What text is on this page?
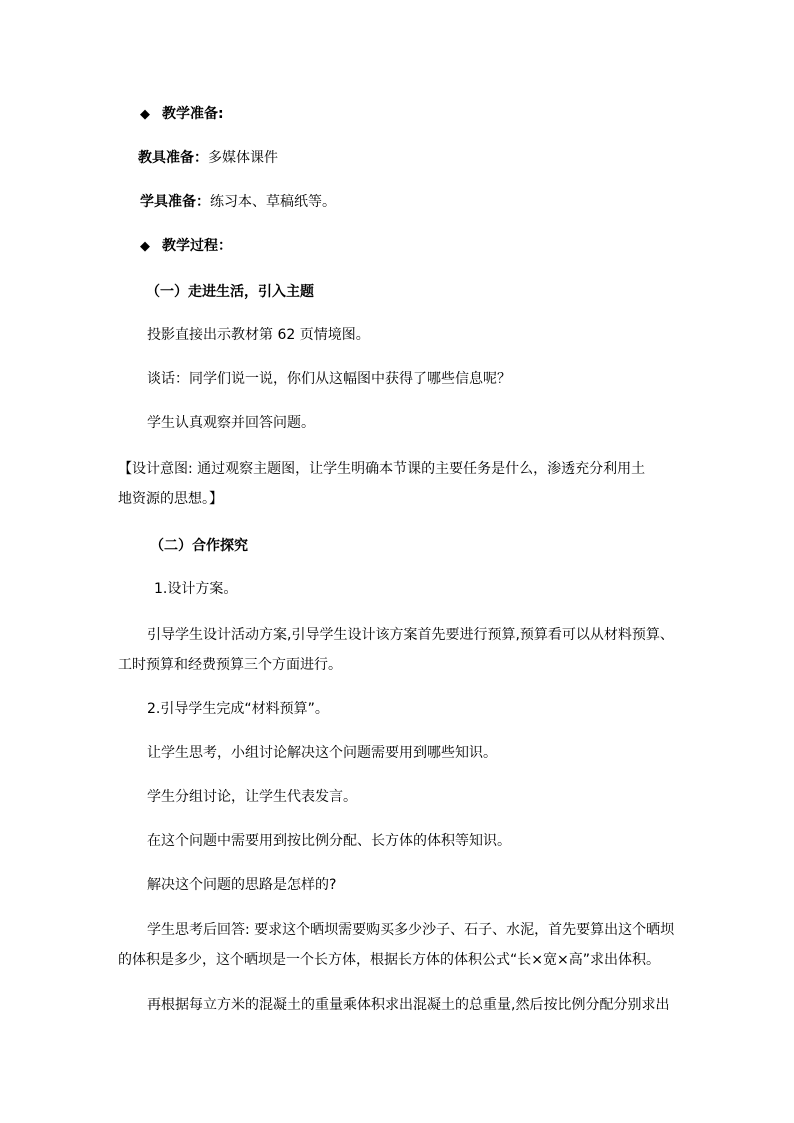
◆ 教学准备:
教具准备：多媒体课件
学具准备：练习本、草稿纸等。
◆ 教学过程：
（一）走进生活，引入主题
投影直接出示教材第 62 页情境图。
谈话：同学们说一说，你们从这幅图中获得了哪些信息呢？
学生认真观察并回答问题。
【设计意图: 通过观察主题图，让学生明确本节课的主要任务是什么，渗透充分利用土
地资源的思想。】
（二）合作探究
1.设计方案。
引导学生设计活动方案,引导学生设计该方案首先要进行预算,预算看可以从材料预算、
工时预算和经费预算三个方面进行。
2.引导学生完成“材料预算”。
让学生思考，小组讨论解决这个问题需要用到哪些知识。
学生分组讨论，让学生代表发言。
在这个问题中需要用到按比例分配、长方体的体积等知识。
解决这个问题的思路是怎样的?
学生思考后回答: 要求这个晒坝需要购买多少沙子、石子、水泥，首先要算出这个晒坝
的体积是多少，这个晒坝是一个长方体，根据长方体的体积公式“长×宽×高”求出体积。
再根据每立方米的混凝土的重量乘体积求出混凝土的总重量,然后按比例分配分别求出
